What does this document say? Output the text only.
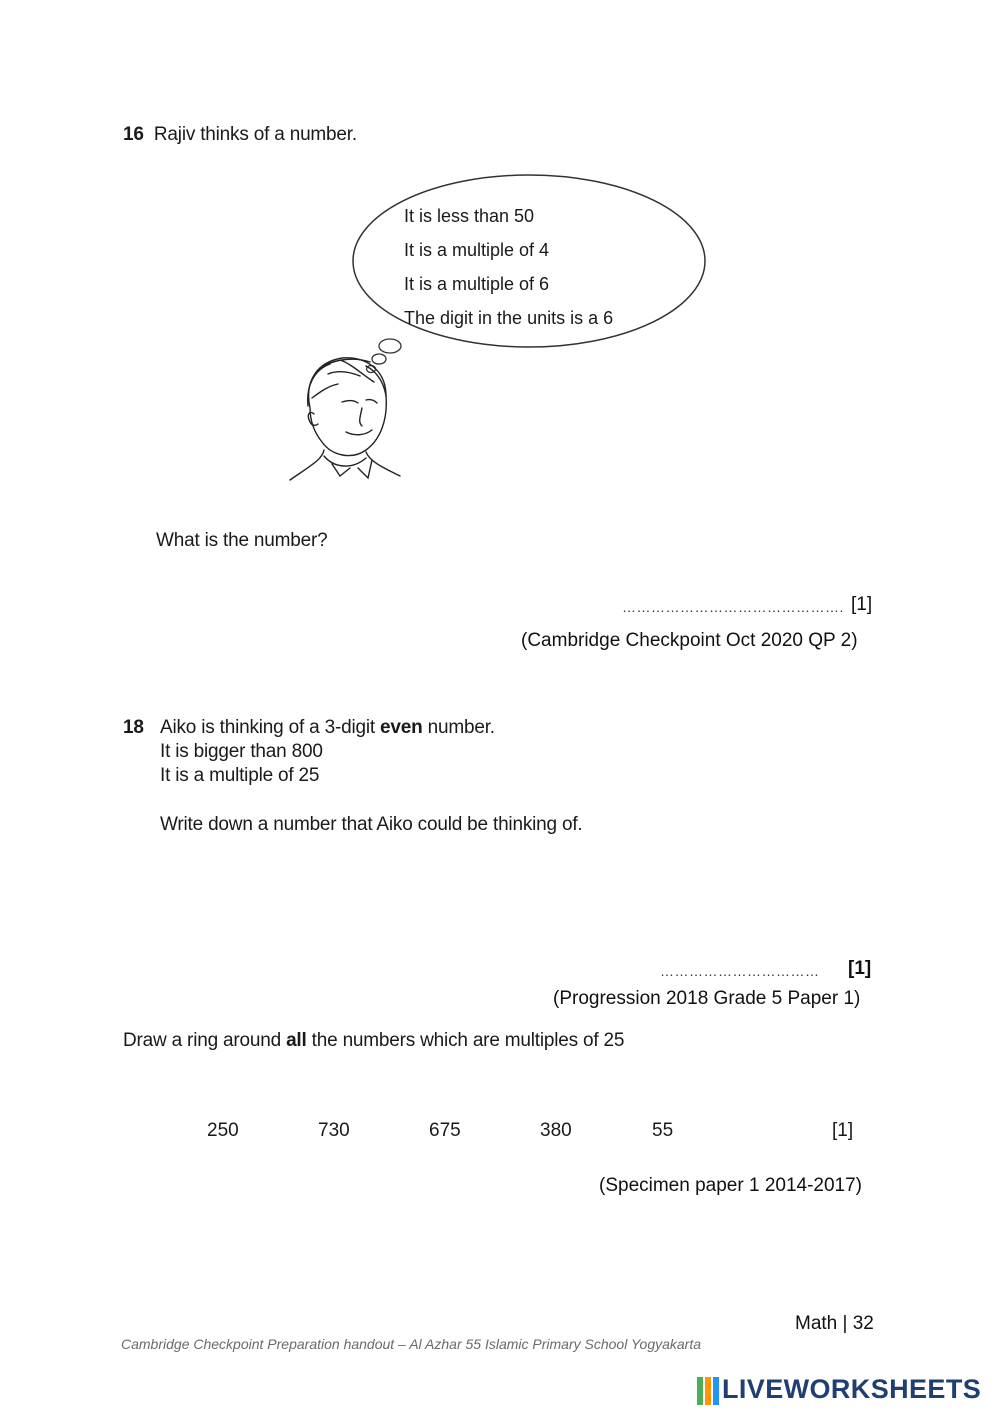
16 Rajiv thinks of a number.
It is less than 50
It is a multiple of 4
It is a multiple of 6
The digit in the units is a 6
What is the number?
………………………………………. [1]
(Cambridge Checkpoint Oct 2020 QP 2)
18 Aiko is thinking of a 3-digit even number.
It is bigger than 800
It is a multiple of 25
Write down a number that Aiko could be thinking of.
…………………………… [1]
(Progression 2018 Grade 5 Paper 1)
Draw a ring around all the numbers which are multiples of 25
250	730	675	380	55	[1]
(Specimen paper 1 2014-2017)
Math | 32
Cambridge Checkpoint Preparation handout – Al Azhar 55 Islamic Primary School Yogyakarta
LIVEWORKSHEETS
